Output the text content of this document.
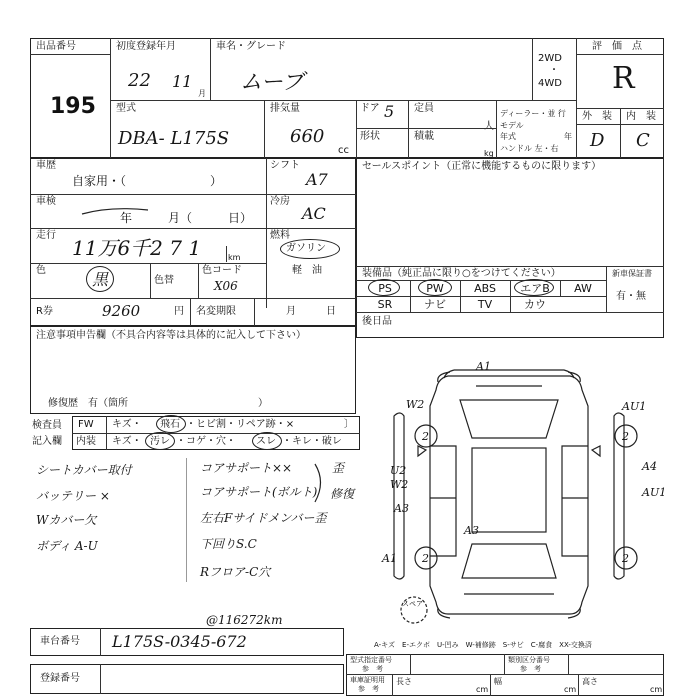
出品番号
195
初度登録年月
22 11
月
車名・グレード
ムーブ
2WD
・
4WD
評　価　点
R
外　装 内　装
D C
型式
DBA- L175S
排気量
660
cc
ドア 5 定員
人
形状	積載
kg
ディーラー・並 行
モデル
年式　　　　　　年
ハンドル 左・右
車歴
自家用・（　　　　　　　）
シフト
A7
車検
年　　　月（　　　日）
冷房
AC
走行
11万6千2 7 1	km
燃料
ガソリン
軽　油
色	黒	色替
色コード
X06
R券	9260	円 名変期限	月　　　日
セールスポイント（正常に機能するものに限ります）
装備品（純正品に限り○をつけてください）
PS	PW	ABS	エアB	AW
SR	ナビ	TV	カウ
新車保証書
有・無
後日品
注意事項申告欄（不具合内容等は具体的に記入して下さい）
修復歴　有（箇所　　　　　　　　　　　　　）
検査員
記入欄
FW キズ・ 飛石 ・ヒビ割・リペア跡・×	〕
内装 キズ・ 汚レ ・コゲ・穴・ スレ ・キレ・破レ
シートカバー取付
バッテリー ×
Wカバー欠
ボディ A-U
コアサポート××
コアサポート(ボルト)
歪
修復
左右Fサイドメンバー歪
下回りS.C
Rフロア-C穴
@116272km
A1
W2	AU1
2	2
U2
W2
A4
AU1
A3
A3
A1 2	2
スペア
A-キズ　E-エクボ　U-凹み　W-補修跡　S-サビ　C-腐食　XX-交換済
車台番号 L175S-0345-672
登録番号
型式指定番号
参　考
類別区分番号
参　考
車庫証明用
参　考
長さ
cm
幅
cm
高さ
cm
